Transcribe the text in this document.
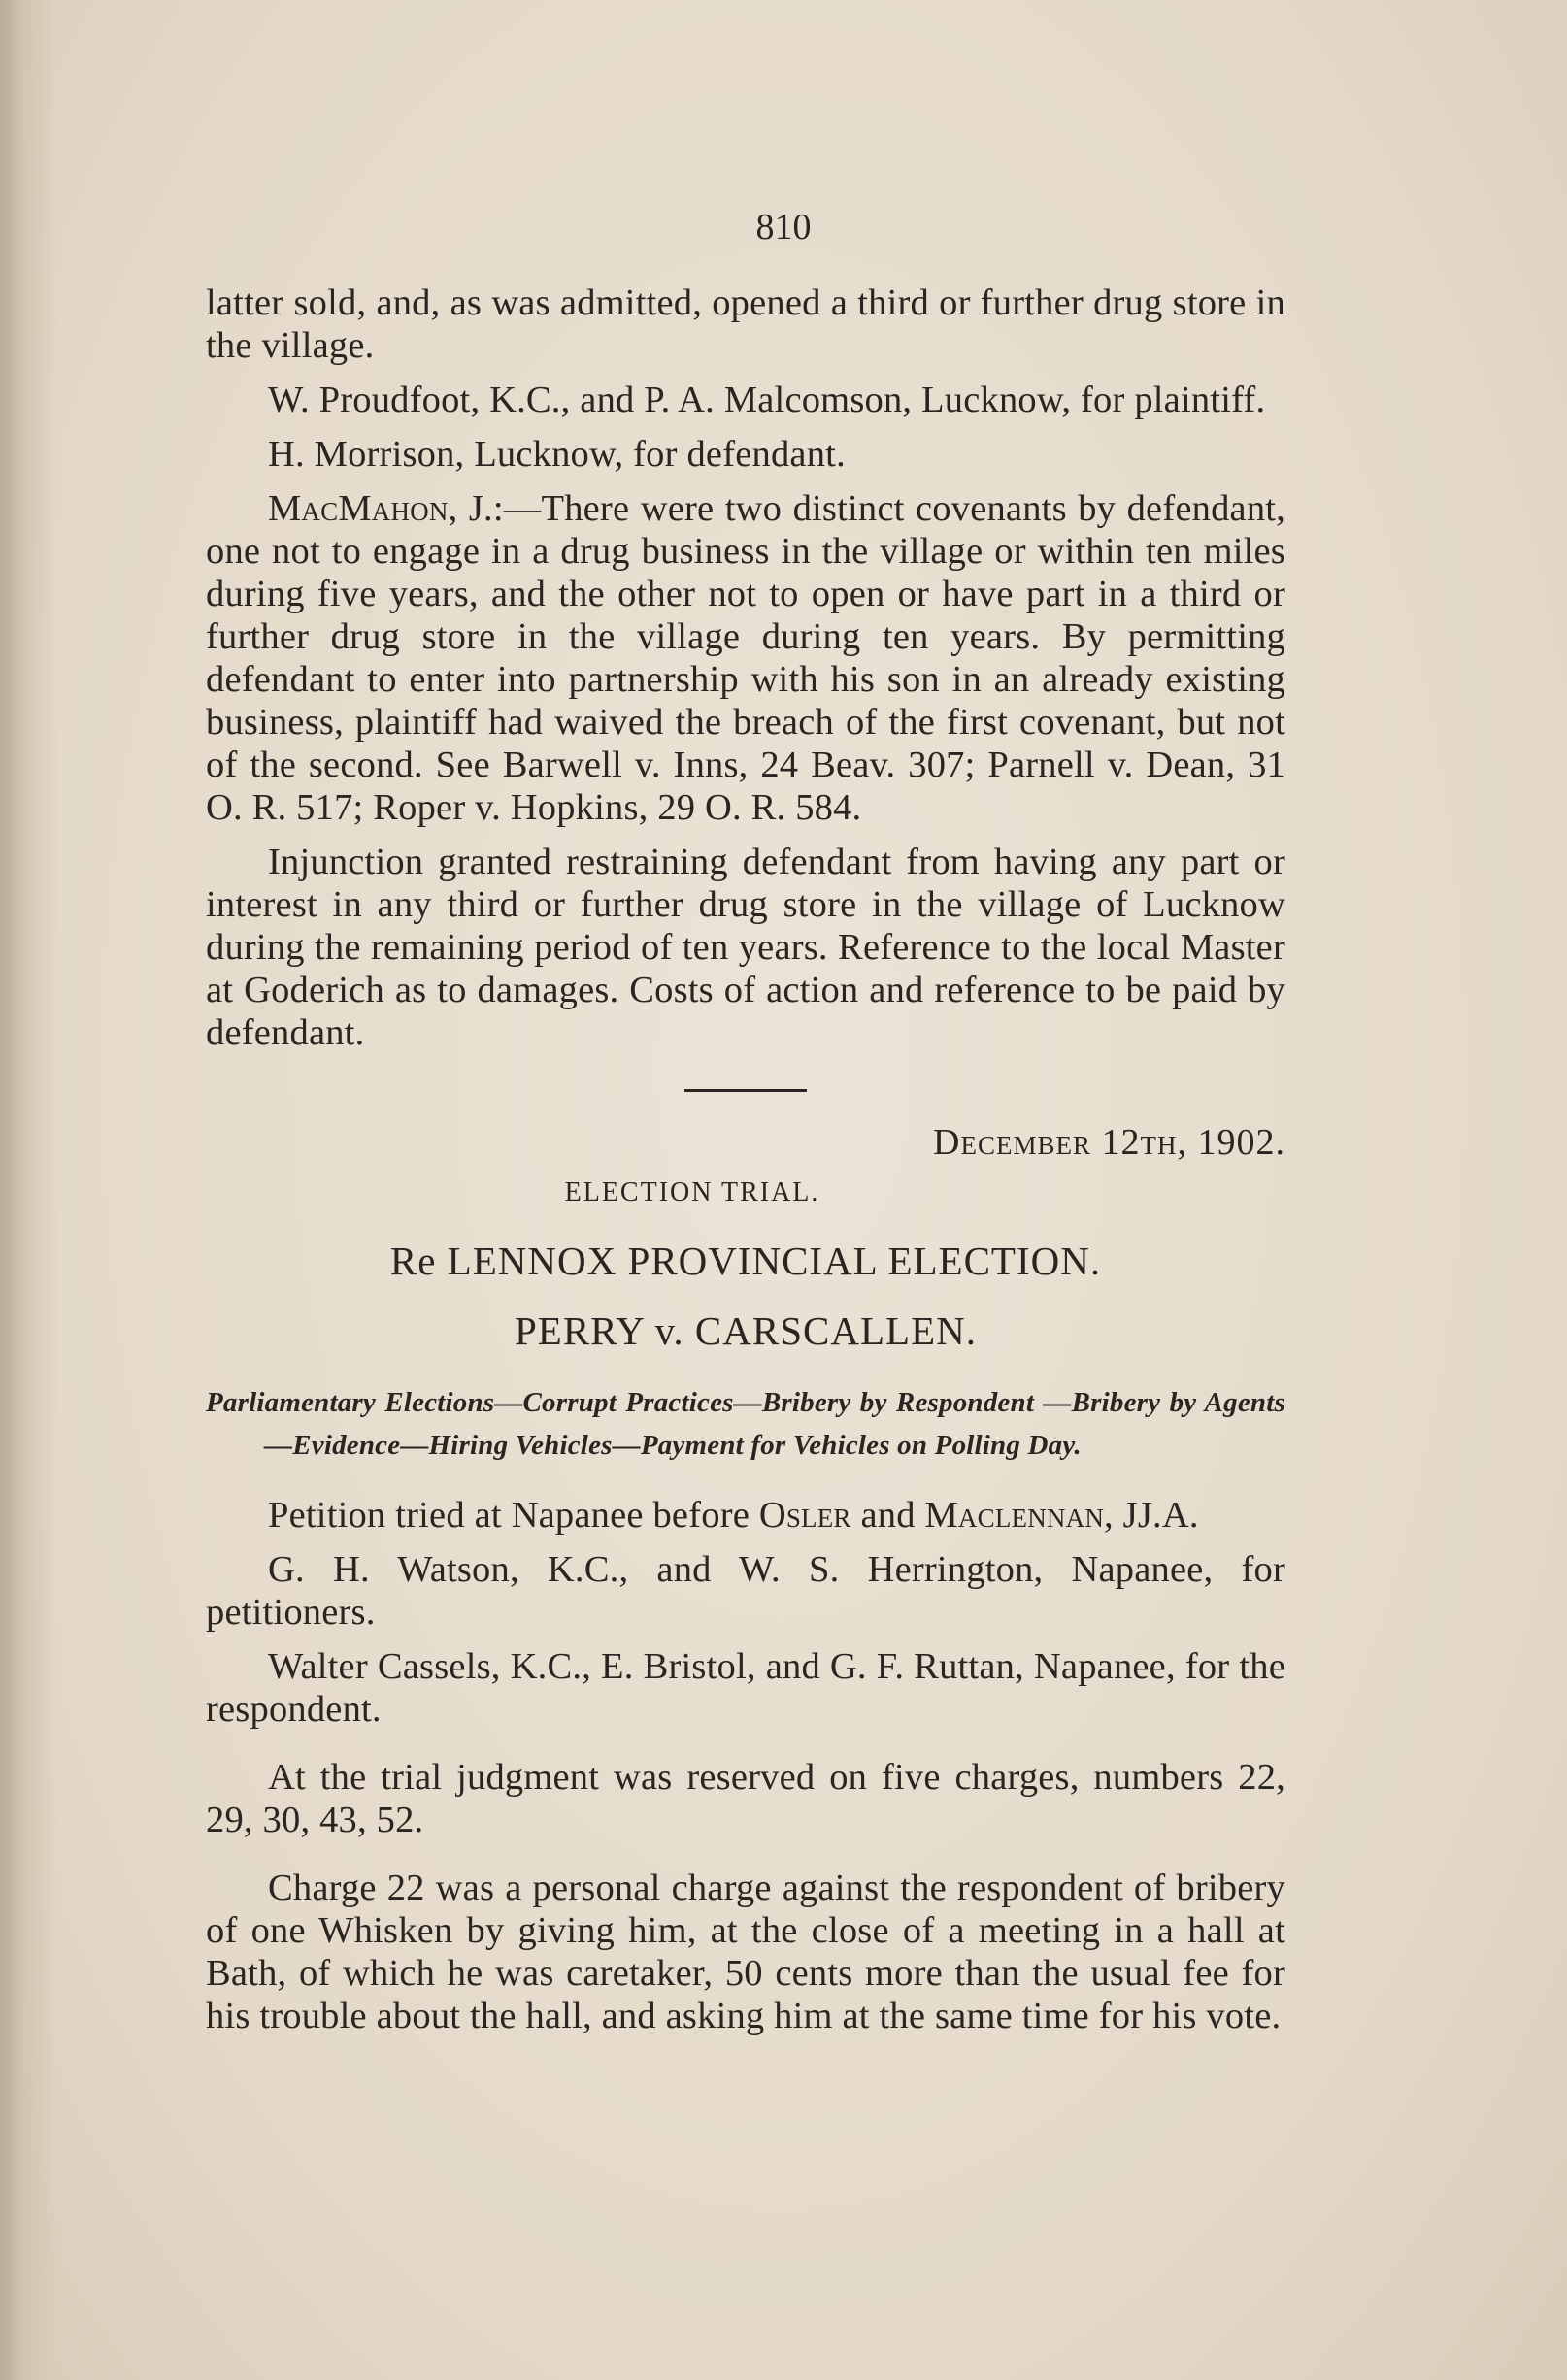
810

latter sold, and, as was admitted, opened a third or further drug store in the village.

W. Proudfoot, K.C., and P. A. Malcomson, Lucknow, for plaintiff.

H. Morrison, Lucknow, for defendant.

MacMahon, J.:—There were two distinct covenants by defendant, one not to engage in a drug business in the village or within ten miles during five years, and the other not to open or have part in a third or further drug store in the village during ten years. By permitting defendant to enter into partnership with his son in an already existing business, plaintiff had waived the breach of the first covenant, but not of the second. See Barwell v. Inns, 24 Beav. 307; Parnell v. Dean, 31 O. R. 517; Roper v. Hopkins, 29 O. R. 584.

Injunction granted restraining defendant from having any part or interest in any third or further drug store in the village of Lucknow during the remaining period of ten years. Reference to the local Master at Goderich as to damages. Costs of action and reference to be paid by defendant.

December 12th, 1902.
ELECTION TRIAL.
Re LENNOX PROVINCIAL ELECTION.
PERRY v. CARSCALLEN.
Parliamentary Elections—Corrupt Practices—Bribery by Respondent —Bribery by Agents—Evidence—Hiring Vehicles—Payment for Vehicles on Polling Day.

Petition tried at Napanee before Osler and Maclennan, JJ.A.

G. H. Watson, K.C., and W. S. Herrington, Napanee, for petitioners.

Walter Cassels, K.C., E. Bristol, and G. F. Ruttan, Napanee, for the respondent.

At the trial judgment was reserved on five charges, numbers 22, 29, 30, 43, 52.

Charge 22 was a personal charge against the respondent of bribery of one Whisken by giving him, at the close of a meeting in a hall at Bath, of which he was caretaker, 50 cents more than the usual fee for his trouble about the hall, and asking him at the same time for his vote.
